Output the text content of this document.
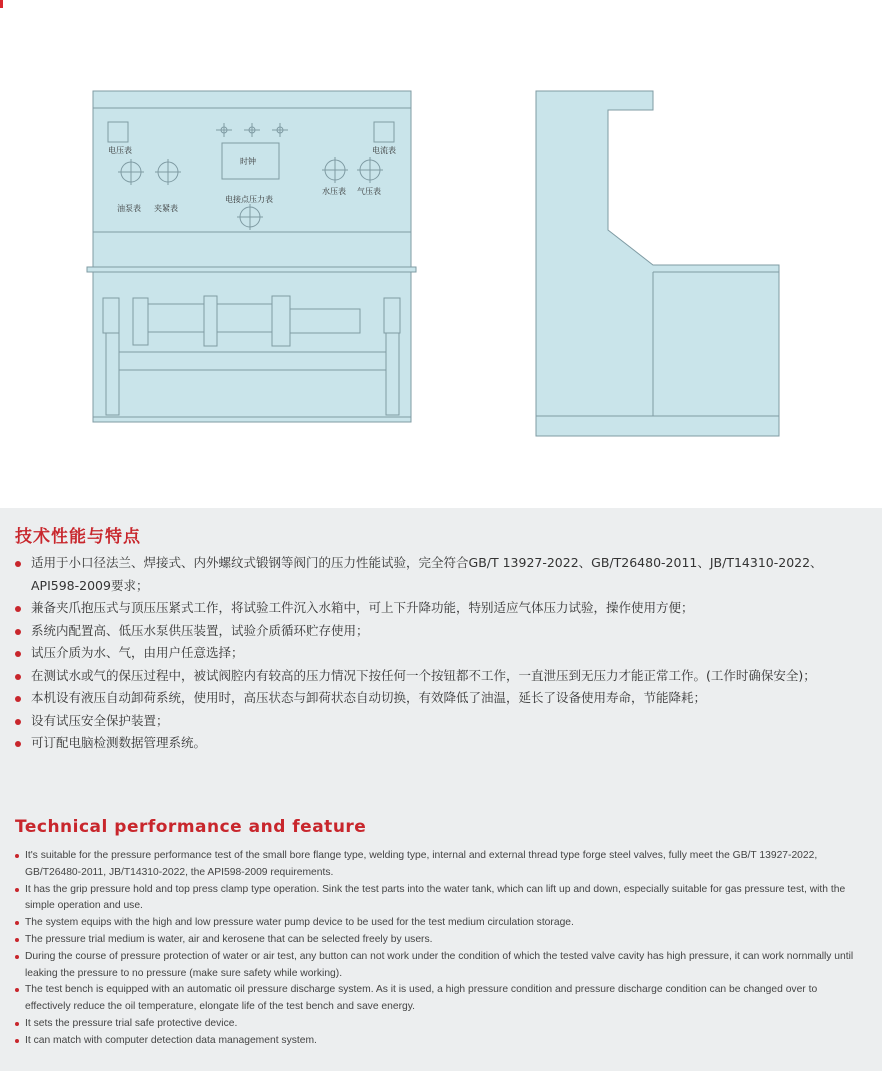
电压表	电流表
时钟
油泵表 夹紧表
水压表 气压表
电接点压力表
技术性能与特点
适用于小口径法兰、焊接式、内外螺纹式锻钢等阀门的压力性能试验，完全符合GB/T 13927-2022、GB/T26480-2011、JB/T14310-2022、API598-2009要求；
兼备夹爪抱压式与顶压压紧式工作，将试验工件沉入水箱中，可上下升降功能，特别适应气体压力试验，操作使用方便；
系统内配置高、低压水泵供压装置，试验介质循环贮存使用；
试压介质为水、气，由用户任意选择；
在测试水或气的保压过程中，被试阀腔内有较高的压力情况下按任何一个按钮都不工作，一直泄压到无压力才能正常工作。(工作时确保安全)；
本机设有液压自动卸荷系统，使用时，高压状态与卸荷状态自动切换，有效降低了油温，延长了设备使用寿命，节能降耗；
设有试压安全保护装置；
可订配电脑检测数据管理系统。
Technical performance and feature
It's suitable for the pressure performance test of the small bore flange type, welding type, internal and external thread type forge steel valves, fully meet the GB/T 13927-2022, GB/T26480-2011, JB/T14310-2022, the API598-2009 requirements.
It has the grip pressure hold and top press clamp type operation. Sink the test parts into the water tank, which can lift up and down, especially suitable for gas pressure test, with the simple operation and use.
The system equips with the high and low pressure water pump device to be used for the test medium circulation storage.
The pressure trial medium is water, air and kerosene that can be selected freely by users.
During the course of pressure protection of water or air test, any button can not work under the condition of which the tested valve cavity has high pressure, it can work nornmally until leaking the pressure to no pressure (make sure safety while working).
The test bench is equipped with an automatic oil pressure discharge system. As it is used, a high pressure condition and pressure discharge condition can be changed over to effectively reduce the oil temperature, elongate life of the test bench and save energy.
It sets the pressure trial safe protective device.
It can match with computer detection data management system.
